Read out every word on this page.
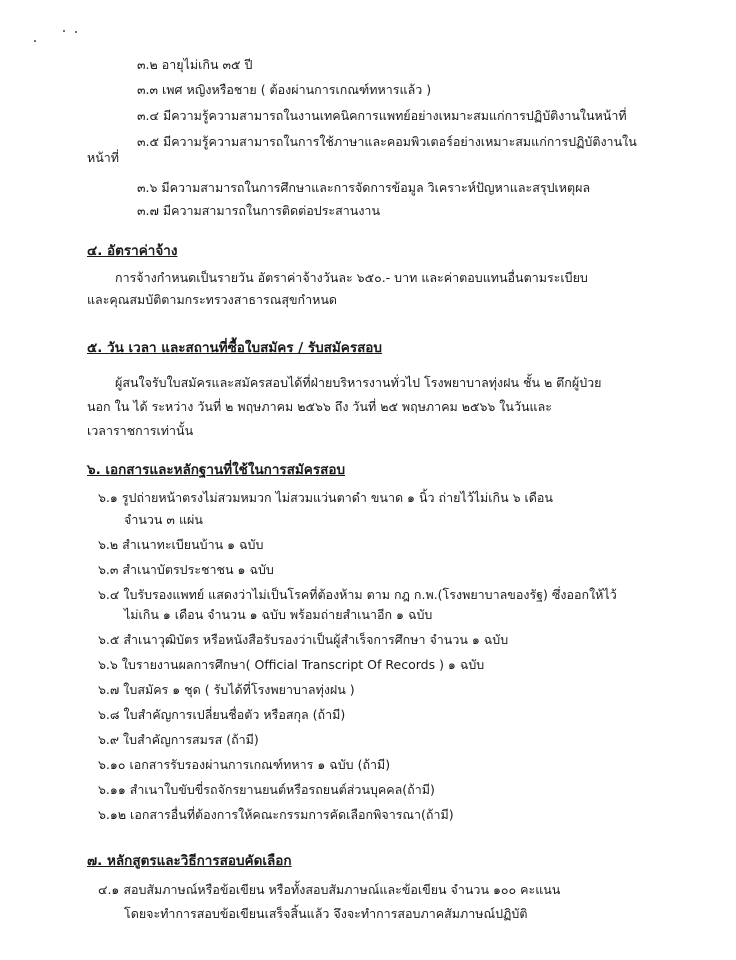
๓.๒ อายุไม่เกิน ๓๕ ปี
๓.๓ เพศ หญิงหรือชาย ( ต้องผ่านการเกณฑ์ทหารแล้ว )
๓.๔ มีความรู้ความสามารถในงานเทคนิคการแพทย์อย่างเหมาะสมแก่การปฏิบัติงานในหน้าที่
๓.๕ มีความรู้ความสามารถในการใช้ภาษาและคอมพิวเตอร์อย่างเหมาะสมแก่การปฏิบัติงานใน
หน้าที่
๓.๖ มีความสามารถในการศึกษาและการจัดการข้อมูล วิเคราะห์ปัญหาและสรุปเหตุผล
๓.๗ มีความสามารถในการติดต่อประสานงาน
๔. อัตราค่าจ้าง
การจ้างกำหนดเป็นรายวัน อัตราค่าจ้างวันละ ๖๕๐.- บาท และค่าตอบแทนอื่นตามระเบียบ
และคุณสมบัติตามกระทรวงสาธารณสุขกำหนด
๕. วัน เวลา และสถานที่ซื้อใบสมัคร / รับสมัครสอบ
ผู้สนใจรับใบสมัครและสมัครสอบได้ที่ฝ่ายบริหารงานทั่วไป โรงพยาบาลทุ่งฝน ชั้น ๒ ตึกผู้ป่วย
นอก ใน ได้ ระหว่าง วันที่ ๒ พฤษภาคม ๒๕๖๖ ถึง วันที่ ๒๕ พฤษภาคม ๒๕๖๖ ในวันและ
เวลาราชการเท่านั้น
๖. เอกสารและหลักฐานที่ใช้ในการสมัครสอบ
๖.๑ รูปถ่ายหน้าตรงไม่สวมหมวก ไม่สวมแว่นตาดำ ขนาด ๑ นิ้ว ถ่ายไว้ไม่เกิน ๖ เดือน
จำนวน ๓ แผ่น
๖.๒ สำเนาทะเบียนบ้าน ๑ ฉบับ
๖.๓ สำเนาบัตรประชาชน ๑ ฉบับ
๖.๔ ใบรับรองแพทย์ แสดงว่าไม่เป็นโรคที่ต้องห้าม ตาม กฎ ก.พ.(โรงพยาบาลของรัฐ) ซึ่งออกให้ไว้
ไม่เกิน ๑ เดือน จำนวน ๑ ฉบับ พร้อมถ่ายสำเนาอีก ๑ ฉบับ
๖.๕ สำเนาวุฒิบัตร หรือหนังสือรับรองว่าเป็นผู้สำเร็จการศึกษา จำนวน ๑ ฉบับ
๖.๖ ใบรายงานผลการศึกษา( Official Transcript Of Records ) ๑ ฉบับ
๖.๗ ใบสมัคร ๑ ชุด ( รับได้ที่โรงพยาบาลทุ่งฝน )
๖.๘ ใบสำคัญการเปลี่ยนชื่อตัว หรือสกุล (ถ้ามี)
๖.๙ ใบสำคัญการสมรส (ถ้ามี)
๖.๑๐ เอกสารรับรองผ่านการเกณฑ์ทหาร ๑ ฉบับ (ถ้ามี)
๖.๑๑ สำเนาใบขับขี่รถจักรยานยนต์หรือรถยนต์ส่วนบุคคล(ถ้ามี)
๖.๑๒ เอกสารอื่นที่ต้องการให้คณะกรรมการคัดเลือกพิจารณา(ถ้ามี)
๗. หลักสูตรและวิธีการสอบคัดเลือก
๔.๑ สอบสัมภาษณ์หรือข้อเขียน หรือทั้งสอบสัมภาษณ์และข้อเขียน จำนวน ๑๐๐ คะแนน
โดยจะทำการสอบข้อเขียนเสร็จสิ้นแล้ว จึงจะทำการสอบภาคสัมภาษณ์ปฏิบัติ
